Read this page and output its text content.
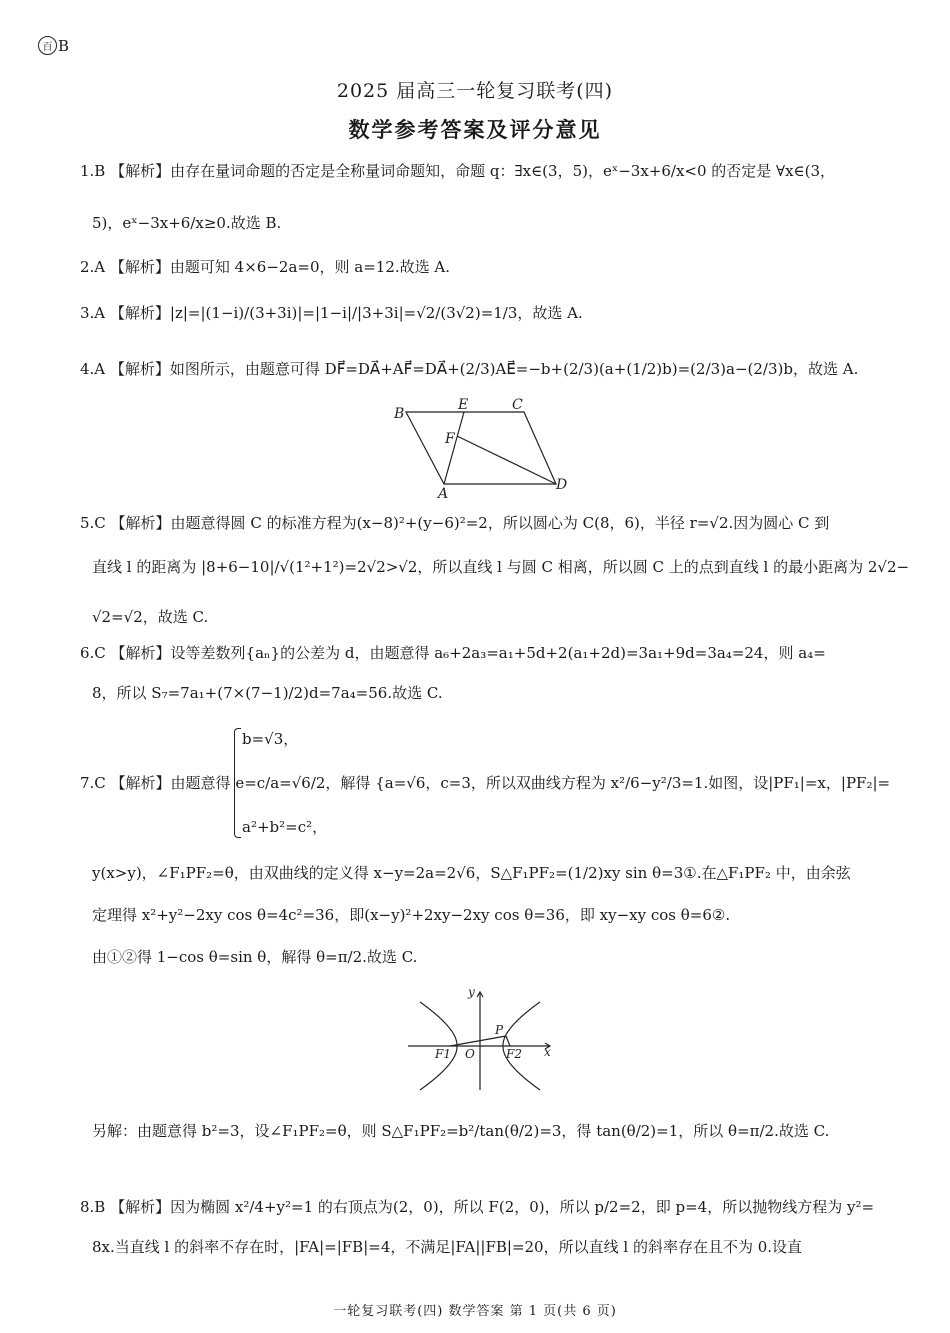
百 B
2025 届高三一轮复习联考(四)
数学参考答案及评分意见
1.B 【解析】由存在量词命题的否定是全称量词命题知，命题 q：∃x∈(3，5)，eˣ−3x+6/x<0 的否定是 ∀x∈(3，
5)，eˣ−3x+6/x≥0.故选 B.
2.A 【解析】由题可知 4×6−2a=0，则 a=12.故选 A.
3.A 【解析】|z|=|(1−i)/(3+3i)|=|1−i|/|3+3i|=√2/(3√2)=1/3，故选 A.
4.A 【解析】如图所示，由题意可得 DF⃗=DA⃗+AF⃗=DA⃗+(2/3)AE⃗=−b+(2/3)(a+(1/2)b)=(2/3)a−(2/3)b，故选 A.
B
E	C
F
A
D
5.C 【解析】由题意得圆 C 的标准方程为(x−8)²+(y−6)²=2，所以圆心为 C(8，6)，半径 r=√2.因为圆心 C 到
直线 l 的距离为 |8+6−10|/√(1²+1²)=2√2>√2，所以直线 l 与圆 C 相离，所以圆 C 上的点到直线 l 的最小距离为 2√2−
√2=√2，故选 C.
6.C 【解析】设等差数列{aₙ}的公差为 d，由题意得 a₆+2a₃=a₁+5d+2(a₁+2d)=3a₁+9d=3a₄=24，则 a₄=
8，所以 S₇=7a₁+(7×(7−1)/2)d=7a₄=56.故选 C.
b=√3，
7.C 【解析】由题意得 e=c/a=√6/2，解得 {a=√6，c=3，所以双曲线方程为 x²/6−y²/3=1.如图，设|PF₁|=x，|PF₂|=
a²+b²=c²，
y(x>y)，∠F₁PF₂=θ，由双曲线的定义得 x−y=2a=2√6，S△F₁PF₂=(1/2)xy sin θ=3①.在△F₁PF₂ 中，由余弦
定理得 x²+y²−2xy cos θ=4c²=36，即(x−y)²+2xy−2xy cos θ=36，即 xy−xy cos θ=6②.
由①②得 1−cos θ=sin θ，解得 θ=π/2.故选 C.
y
P
F1 O	F2 x
另解：由题意得 b²=3，设∠F₁PF₂=θ，则 S△F₁PF₂=b²/tan(θ/2)=3，得 tan(θ/2)=1，所以 θ=π/2.故选 C.
8.B 【解析】因为椭圆 x²/4+y²=1 的右顶点为(2，0)，所以 F(2，0)，所以 p/2=2，即 p=4，所以抛物线方程为 y²=
8x.当直线 l 的斜率不存在时，|FA|=|FB|=4，不满足|FA||FB|=20，所以直线 l 的斜率存在且不为 0.设直
一轮复习联考(四) 数学答案 第 1 页(共 6 页)
